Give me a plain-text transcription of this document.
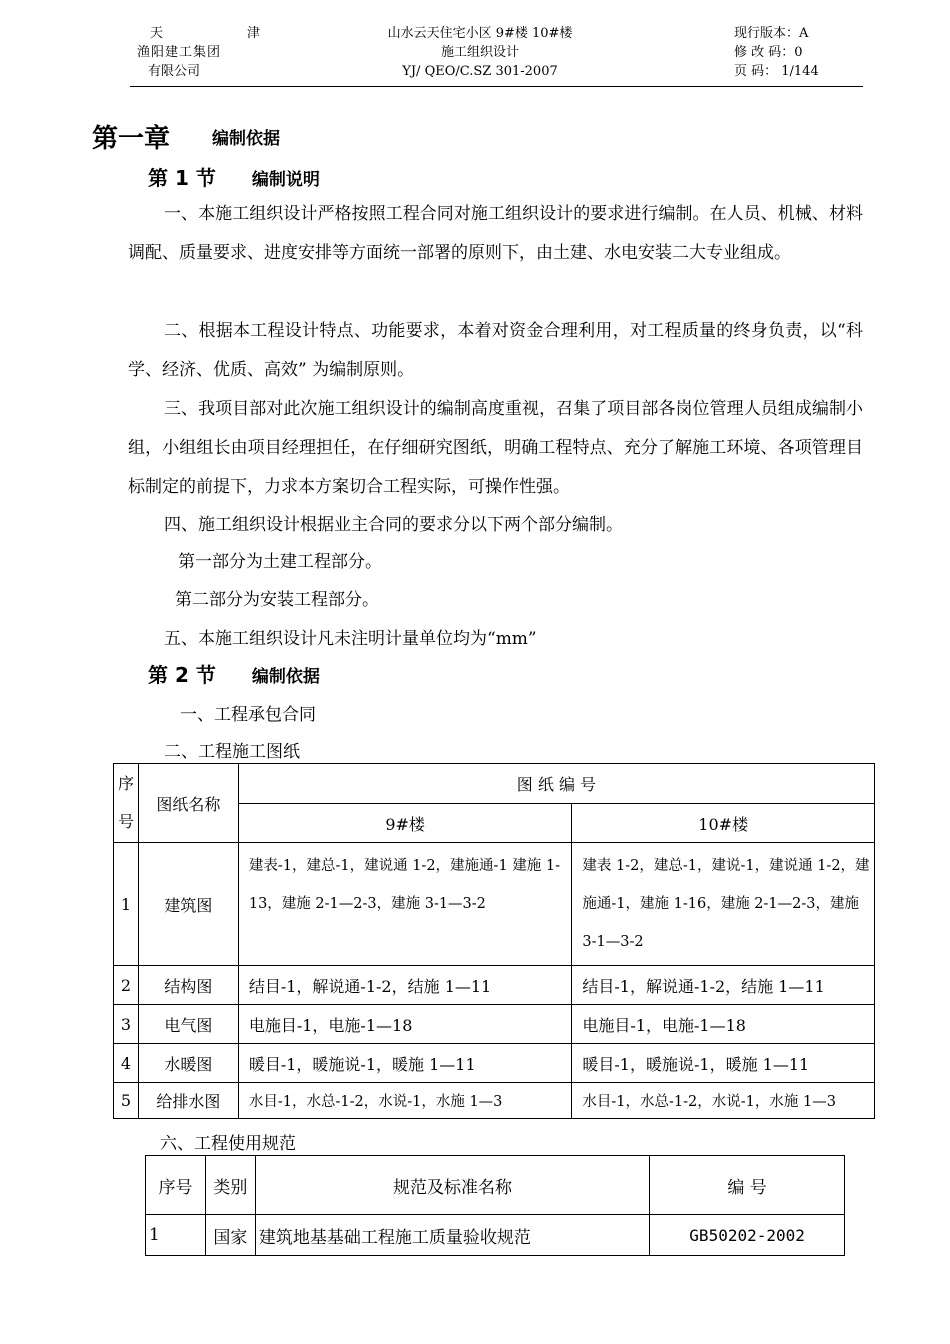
天 津
渔阳建工集团
有限公司
山水云天住宅小区 9#楼 10#楼
施工组织设计
YJ/ QEO/C.SZ 301-2007
现行版本：A
修 改 码：0
页 码： 1/144
第一章 编制依据
第 1 节 编制说明
一、本施工组织设计严格按照工程合同对施工组织设计的要求进行编制。在人员、机械、材料调配、质量要求、进度安排等方面统一部署的原则下，由土建、水电安装二大专业组成。
二、根据本工程设计特点、功能要求，本着对资金合理利用，对工程质量的终身负责，以“科学、经济、优质、高效” 为编制原则。
三、我项目部对此次施工组织设计的编制高度重视，召集了项目部各岗位管理人员组成编制小组，小组组长由项目经理担任，在仔细研究图纸，明确工程特点、充分了解施工环境、各项管理目标制定的前提下，力求本方案切合工程实际，可操作性强。
四、施工组织设计根据业主合同的要求分以下两个部分编制。
第一部分为土建工程部分。
第二部分为安装工程部分。
五、本施工组织设计凡未注明计量单位均为“mm”
第 2 节 编制依据
一、工程承包合同
二、工程施工图纸
序号	图纸名称	图 纸 编 号	
		9#楼	10#楼
1	建筑图	建表-1，建总-1，建说通 1-2，建施通-1 建施 1-13，建施 2-1—2-3，建施 3-1—3-2	建表 1-2，建总-1，建说-1，建说通 1-2，建施通-1，建施 1-16，建施 2-1—2-3，建施 3-1—3-2
2	结构图	结目-1，解说通-1-2，结施 1—11	结目-1，解说通-1-2，结施 1—11
3	电气图	电施目-1，电施-1—18	电施目-1，电施-1—18
4	水暖图	暖目-1，暖施说-1，暖施 1—11	暖目-1，暖施说-1，暖施 1—11
5	给排水图	水目-1，水总-1-2，水说-1，水施 1—3	水目-1，水总-1-2，水说-1，水施 1—3
六、工程使用规范
序号	类别	规范及标准名称	编 号
1	国家	建筑地基基础工程施工质量验收规范	GB50202-2002
